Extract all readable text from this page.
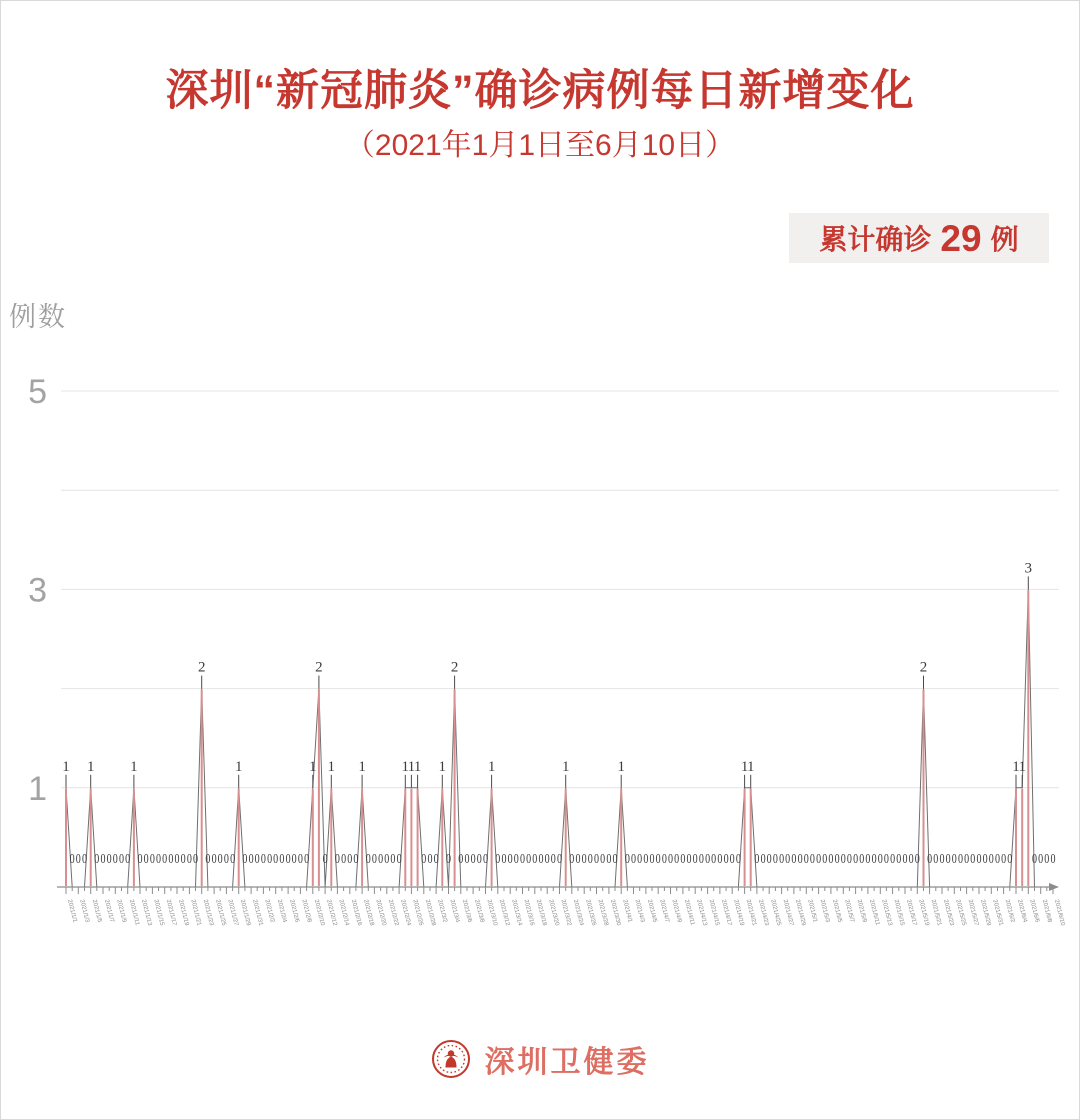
深圳“新冠肺炎”确诊病例每日新增变化
（2021年1月1日至6月10日）
累计确诊 29 例
例数
1
3
5
1
0 0 0
1
0 0 0 0 0 0
1
0 0 0 0 0 0 0 0 0 0
2
0 0 0 0 0
1
0 0 0 0 0 0 0 0 0 0 0
1
2
0
1
0 0 0 0
1
0 0 0 0 0 0
1
1
1
0 0 0
1
0
2
0 0 0 0 0
1
0 0 0 0 0 0 0 0 0 0 0
1
0 0 0 0 0 0 0 0
1
0 0 0 0 0 0 0 0 0 0 0 0 0 0 0 0 0 0 0
1
1
0 0 0 0 0 0 0 0 0 0 0 0 0 0 0 0 0 0 0 0 0 0 0 0 0 0 0
2
0 0 0 0 0 0 0 0 0 0 0 0 0 0
1
1
3
0 0 0 0
2021/1/1 2021/1/3 2021/1/5 2021/1/7 2021/1/9 2021/1/11 2021/1/13 2021/1/15 2021/1/17 2021/1/19 2021/1/21 2021/1/23 2021/1/25 2021/1/27 2021/1/29 2021/1/31 2021/2/2 2021/2/4 2021/2/6 2021/2/8 2021/2/10 2021/2/12 2021/2/14 2021/2/16 2021/2/18 2021/2/20 2021/2/22 2021/2/24 2021/2/26 2021/2/28 2021/3/2 2021/3/4 2021/3/6 2021/3/8 2021/3/10 2021/3/12 2021/3/14 2021/3/16 2021/3/18 2021/3/20 2021/3/22 2021/3/24 2021/3/26 2021/3/28 2021/3/30 2021/4/1 2021/4/3 2021/4/5 2021/4/7 2021/4/9 2021/4/11 2021/4/13 2021/4/15 2021/4/17 2021/4/19 2021/4/21 2021/4/23 2021/4/25 2021/4/27 2021/4/29 2021/5/1 2021/5/3 2021/5/5 2021/5/7 2021/5/9 2021/5/11 2021/5/13 2021/5/15 2021/5/17 2021/5/19 2021/5/21 2021/5/23 2021/5/25 2021/5/27 2021/5/29 2021/5/31 2021/6/2 2021/6/4 2021/6/6 2021/6/8 2021/6/10
深圳卫健委
